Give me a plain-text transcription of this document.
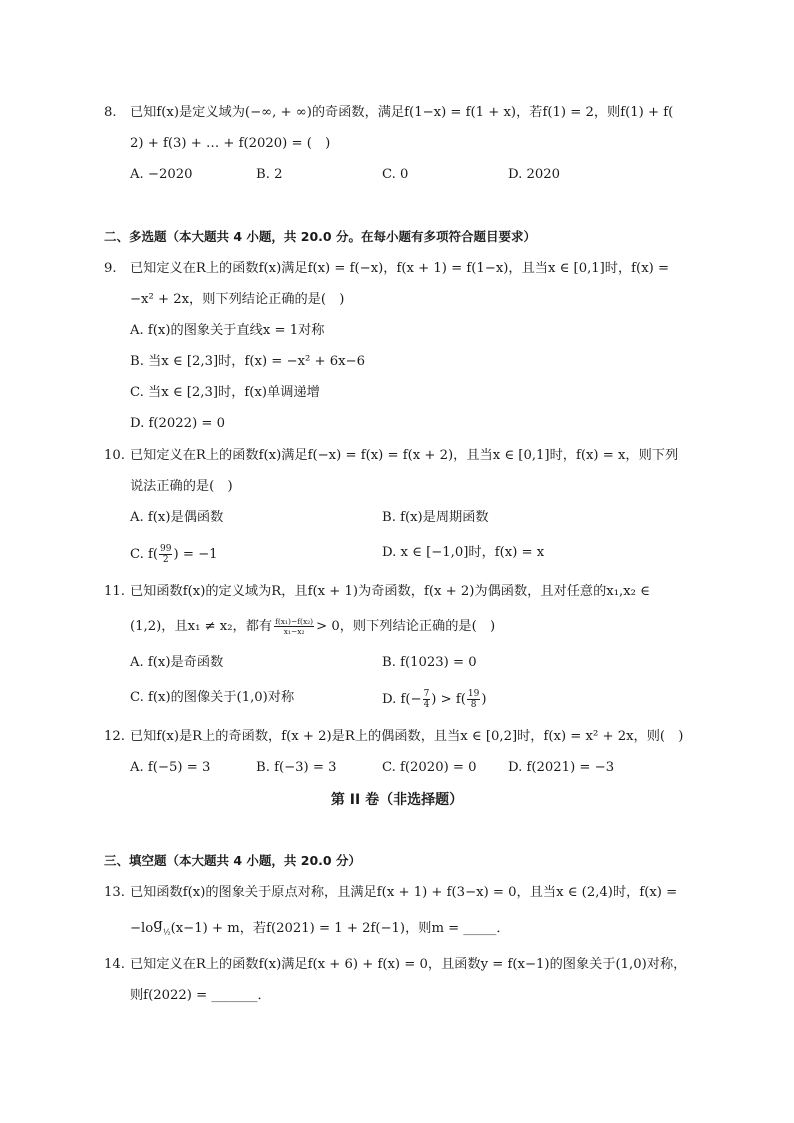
8. 已知f(x)是定义域为(−∞, + ∞)的奇函数，满足f(1−x) = f(1 + x)，若f(1) = 2，则f(1) + f(
2) + f(3) + … + f(2020) = (　)
A. −2020	B. 2	C. 0	D. 2020
二、多选题（本大题共 4 小题，共 20.0 分。在每小题有多项符合题目要求）
9. 已知定义在R上的函数f(x)满足f(x) = f(−x)，f(x + 1) = f(1−x)，且当x ∈ [0,1]时，f(x) =
−x² + 2x，则下列结论正确的是(　)
A. f(x)的图象关于直线x = 1对称
B. 当x ∈ [2,3]时，f(x) = −x² + 6x−6
C. 当x ∈ [2,3]时，f(x)单调递增
D. f(2022) = 0
10. 已知定义在R上的函数f(x)满足f(−x) = f(x) = f(x + 2)，且当x ∈ [0,1]时，f(x) = x，则下列
说法正确的是(　)
A. f(x)是偶函数	B. f(x)是周期函数
C. $f( \frac{99}{2}$ ) = −1	D. x ∈ [−1,0]时，f(x) = x
11. 已知函数f(x)的定义域为R，且f(x + 1)为奇函数，f(x + 2)为偶函数，且对任意的x₁,x₂ ∈
(1,2)，且x₁ ≠ x₂，都有 $\frac{\text{f(x₁)−f(x₂)}}{\text{x₁−x₂}} > 0$，则下列结论正确的是(　)
A. f(x)是奇函数	B. f(1023) = 0
C. f(x)的图像关于(1,0)对称	D. $f(- \frac{7}{4}$ ) > $f( \frac{19}{8}$ )
12. 已知f(x)是R上的奇函数，f(x + 2)是R上的偶函数，且当x ∈ [0,2]时，f(x) = x² + 2x，则(　)
A. f(−5) = 3	B. f(−3) = 3	C. f(2020) = 0 D. f(2021) = −3
第 II 卷（非选择题）
三、填空题（本大题共 4 小题，共 20.0 分）
13. 已知函数f(x)的图象关于原点对称，且满足f(x + 1) + f(3−x) = 0，且当x ∈ (2,4)时，f(x) =
$-\log_{\frac{1}{2}}(x-1) + m$，若f(2021) = 1 + 2f(−1)，则m = _____．
14. 已知定义在R上的函数f(x)满足f(x + 6) + f(x) = 0，且函数y = f(x−1)的图象关于(1,0)对称，
则f(2022) = _______．
